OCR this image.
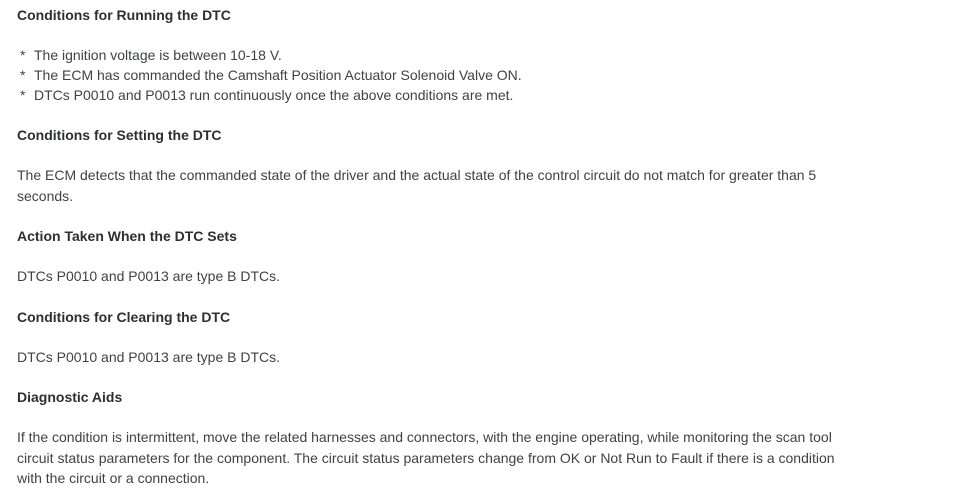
Conditions for Running the DTC
* The ignition voltage is between 10-18 V.
* The ECM has commanded the Camshaft Position Actuator Solenoid Valve ON.
* DTCs P0010 and P0013 run continuously once the above conditions are met.
Conditions for Setting the DTC

The ECM detects that the commanded state of the driver and the actual state of the control circuit do not match for greater than 5 seconds.

Action Taken When the DTC Sets

DTCs P0010 and P0013 are type B DTCs.

Conditions for Clearing the DTC

DTCs P0010 and P0013 are type B DTCs.

Diagnostic Aids

If the condition is intermittent, move the related harnesses and connectors, with the engine operating, while monitoring the scan tool circuit status parameters for the component. The circuit status parameters change from OK or Not Run to Fault if there is a condition with the circuit or a connection.
